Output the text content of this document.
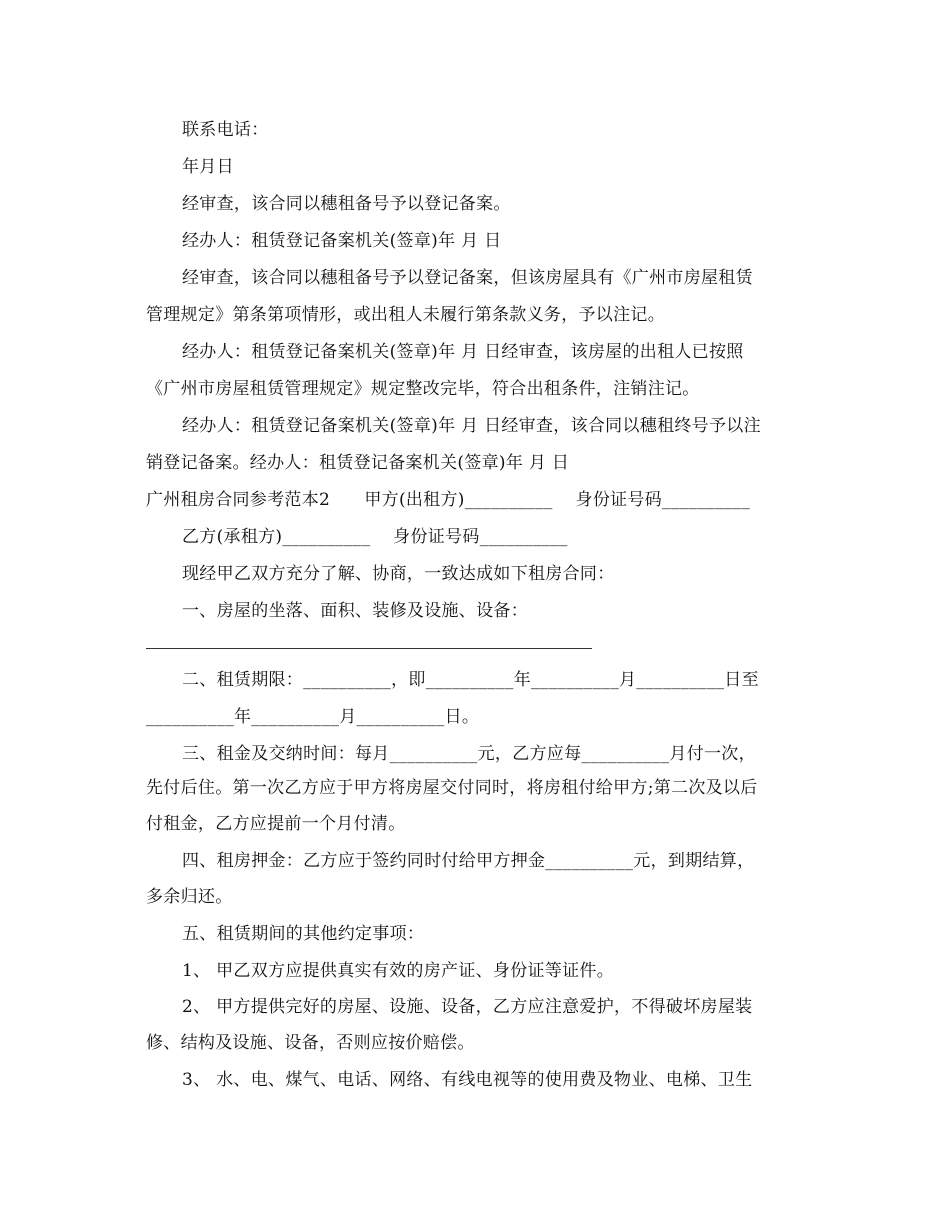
联系电话：
年月日
经审查，该合同以穗租备号予以登记备案。
经办人：租赁登记备案机关(签章)年 月 日
经审查，该合同以穗租备号予以登记备案，但该房屋具有《广州市房屋租赁
管理规定》第条第项情形，或出租人未履行第条款义务，予以注记。
经办人：租赁登记备案机关(签章)年 月 日经审查，该房屋的出租人已按照
《广州市房屋租赁管理规定》规定整改完毕，符合出租条件，注销注记。
经办人：租赁登记备案机关(签章)年 月 日经审查，该合同以穗租终号予以注
销登记备案。经办人：租赁登记备案机关(签章)年 月 日
广州租房合同参考范本2      甲方(出租方)__________    身份证号码__________
乙方(承租方)__________    身份证号码__________
现经甲乙双方充分了解、协商，一致达成如下租房合同：
一、房屋的坐落、面积、装修及设施、设备：
二、租赁期限：__________，即__________年__________月__________日至
__________年__________月__________日。
三、租金及交纳时间：每月__________元，乙方应每__________月付一次，
先付后住。第一次乙方应于甲方将房屋交付同时，将房租付给甲方;第二次及以后
付租金，乙方应提前一个月付清。
四、租房押金：乙方应于签约同时付给甲方押金__________元，到期结算，
多余归还。
五、租赁期间的其他约定事项：
1、 甲乙双方应提供真实有效的房产证、身份证等证件。
2、 甲方提供完好的房屋、设施、设备，乙方应注意爱护，不得破坏房屋装
修、结构及设施、设备，否则应按价赔偿。
3、 水、电、煤气、电话、网络、有线电视等的使用费及物业、电梯、卫生
